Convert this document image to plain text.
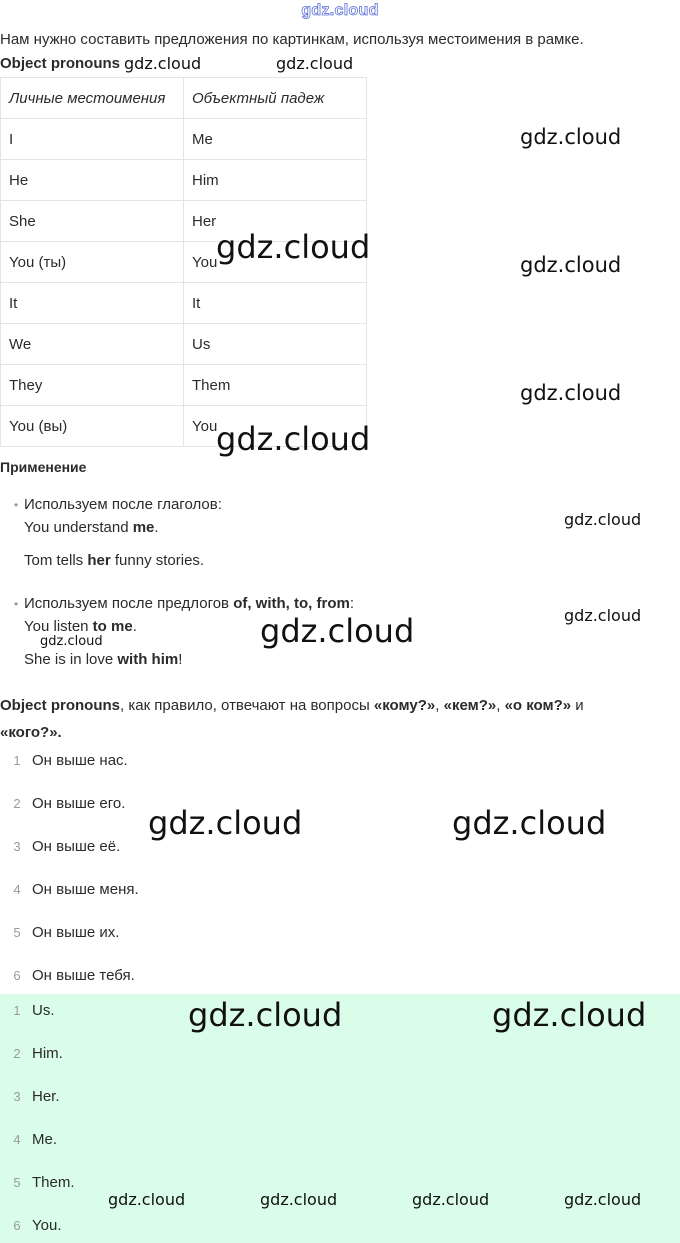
gdz.cloud
Нам нужно составить предложения по картинкам, используя местоимения в рамке.
Object pronouns
Личные местоимения	Объектный падеж
I	Me
He	Him
She	Her
You (ты)	You
It	It
We	Us
They	Them
You (вы)	You
Применение
• Используем после глаголов:
You understand me.
Tom tells her funny stories.
• Используем после предлогов of, with, to, from:
You listen to me.
She is in love with him!
Object pronouns, как правило, отвечают на вопросы «кому?», «кем?», «о ком?» и
«кого?».
1 Он выше нас.
2 Он выше его.
3 Он выше её.
4 Он выше меня.
5 Он выше их.
6 Он выше тебя.
1 Us.
2 Him.
3 Her.
4 Me.
5 Them.
6 You.
gdz.cloud	gdz.cloud
gdz.cloud
gdz.cloud	gdz.cloud
gdz.cloud
gdz.cloud
gdz.cloud
gdz.cloud
gdz.cloud
gdz.cloud
gdz.cloud	gdz.cloud
gdz.cloud	gdz.cloud
gdz.cloud	gdz.cloud	gdz.cloud	gdz.cloud
